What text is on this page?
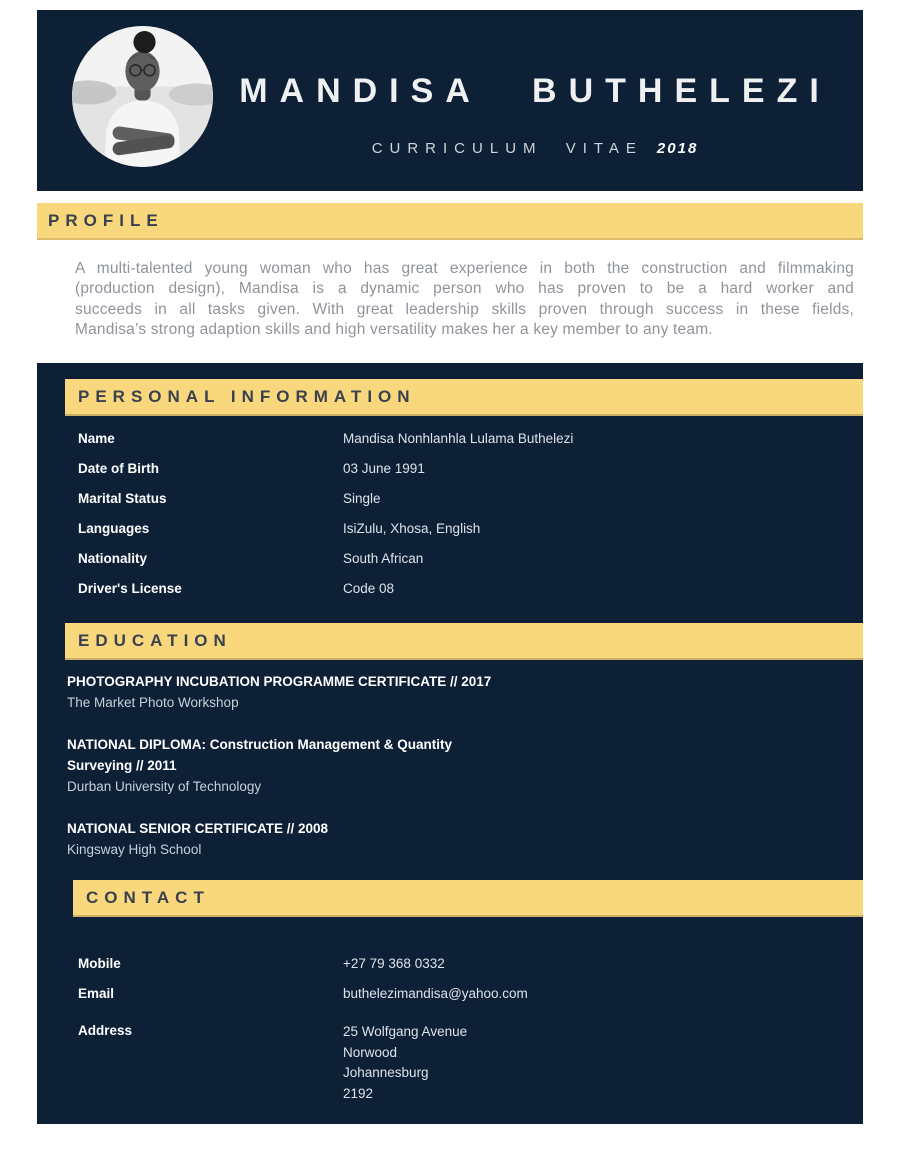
MANDISA BUTHELEZI
CURRICULUM VITAE 2018
PROFILE
A multi-talented young woman who has great experience in both the construction and filmmaking
(production design), Mandisa is a dynamic person who has proven to be a hard worker and
succeeds in all tasks given. With great leadership skills proven through success in these fields,
Mandisa’s strong adaption skills and high versatility makes her a key member to any team.
PERSONAL INFORMATION
Name	Mandisa Nonhlanhla Lulama Buthelezi
Date of Birth	03 June 1991
Marital Status	Single
Languages	IsiZulu, Xhosa, English
Nationality	South African
Driver's License	Code 08
EDUCATION
PHOTOGRAPHY INCUBATION PROGRAMME CERTIFICATE // 2017
The Market Photo Workshop
NATIONAL DIPLOMA: Construction Management & Quantity
Surveying // 2011
Durban University of Technology
NATIONAL SENIOR CERTIFICATE // 2008
Kingsway High School
CONTACT
Mobile	+27 79 368 0332
Email	buthelezimandisa@yahoo.com
Address	25 Wolfgang Avenue
Norwood
Johannesburg
2192
